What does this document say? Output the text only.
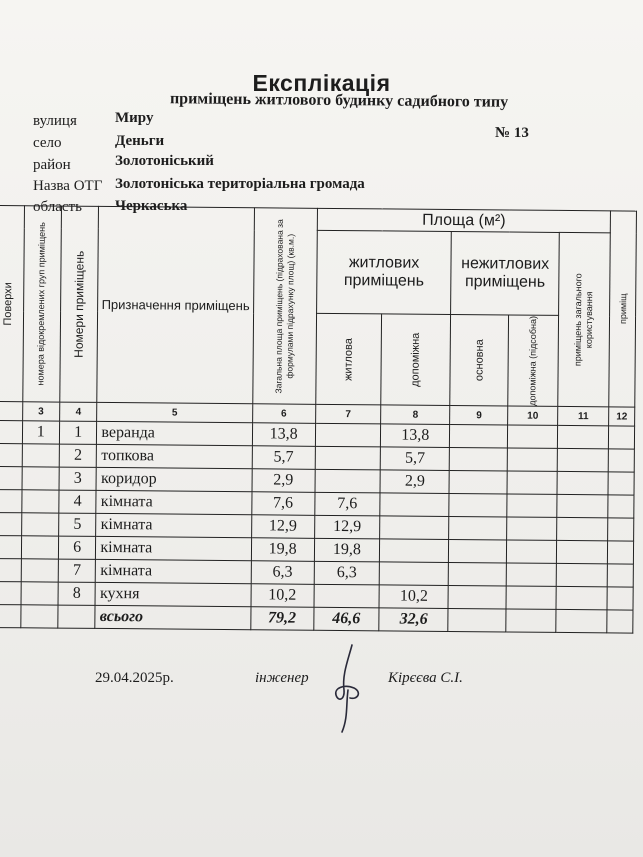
Експлікація
приміщень житлового будинку садибного типу
вулиця	Миру
село	Деньги
район	Золотоніський
Назва ОТГ Золотоніська територіальна громада
область Черкаська
№ 13
Поверхи	номера відокремлених груп приміщень	Номери приміщень	Призначення приміщень	Загальна площа приміщень (підрахована за формулами підрахунку площ) (кв.м.)	Площа (м²)					приміщ

					житлових приміщень		нежитлових приміщень		приміщень загального користування	

					житлова	допоміжна	основна	допоміжна (підсобна)		

	3	4	5	6	7	8	9	10	11	12
	1	1	веранда	13,8		13,8				
		2	топкова	5,7		5,7				
		3	коридор	2,9		2,9				
		4	кімната	7,6	7,6					
		5	кімната	12,9	12,9					
		6	кімната	19,8	19,8					
		7	кімната	6,3	6,3					
		8	кухня	10,2		10,2				
			всього	79,2	46,6	32,6				
29.04.2025р.	інженер	Кірєєва С.І.
